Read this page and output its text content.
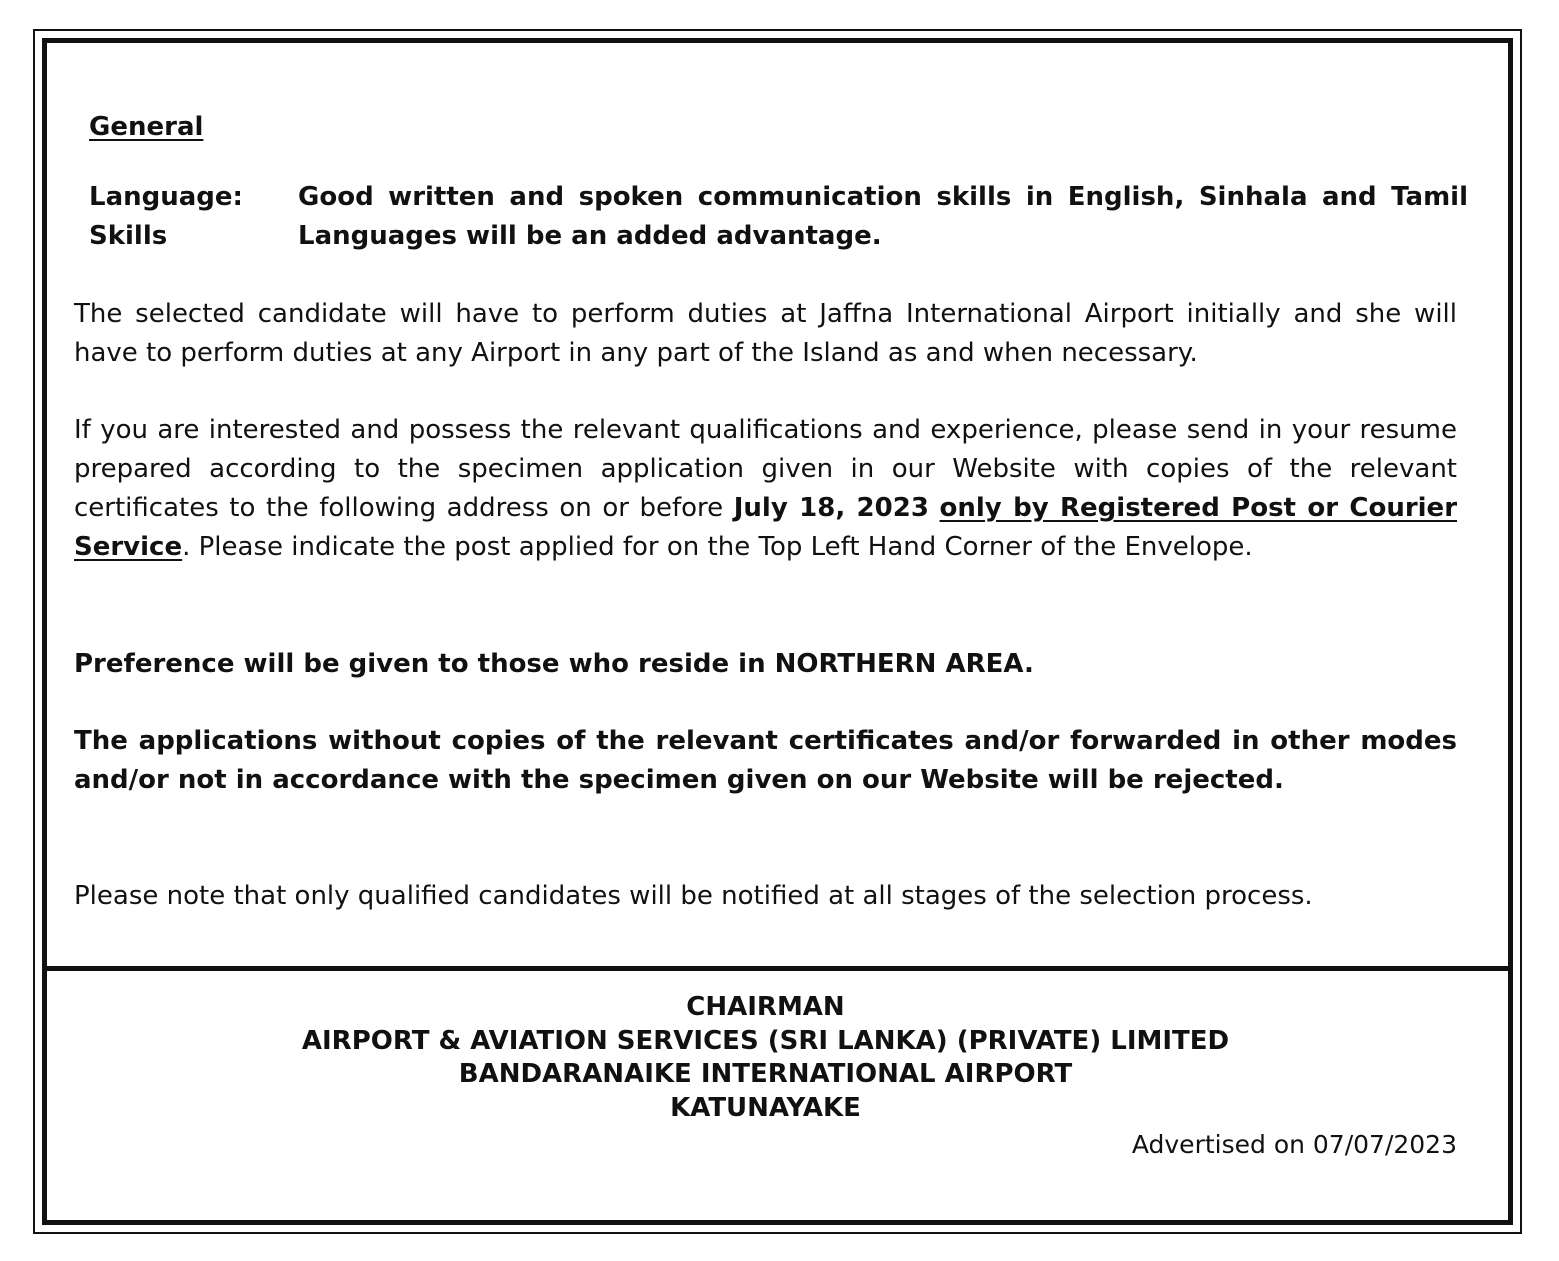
General
Language:
Skills

Good written and spoken communication skills in English, Sinhala and Tamil Languages will be an added advantage.

The selected candidate will have to perform duties at Jaffna International Airport initially and she will have to perform duties at any Airport in any part of the Island as and when necessary.

If you are interested and possess the relevant qualifications and experience, please send in your resume prepared according to the specimen application given in our Website with copies of the relevant certificates to the following address on or before July 18, 2023 only by Registered Post or Courier Service. Please indicate the post applied for on the Top Left Hand Corner of the Envelope.

Preference will be given to those who reside in NORTHERN AREA.

The applications without copies of the relevant certificates and/or forwarded in other modes and/or not in accordance with the specimen given on our Website will be rejected.

Please note that only qualified candidates will be notified at all stages of the selection process.

CHAIRMAN

AIRPORT & AVIATION SERVICES (SRI LANKA) (PRIVATE) LIMITED

BANDARANAIKE INTERNATIONAL AIRPORT

KATUNAYAKE

Advertised on 07/07/2023
